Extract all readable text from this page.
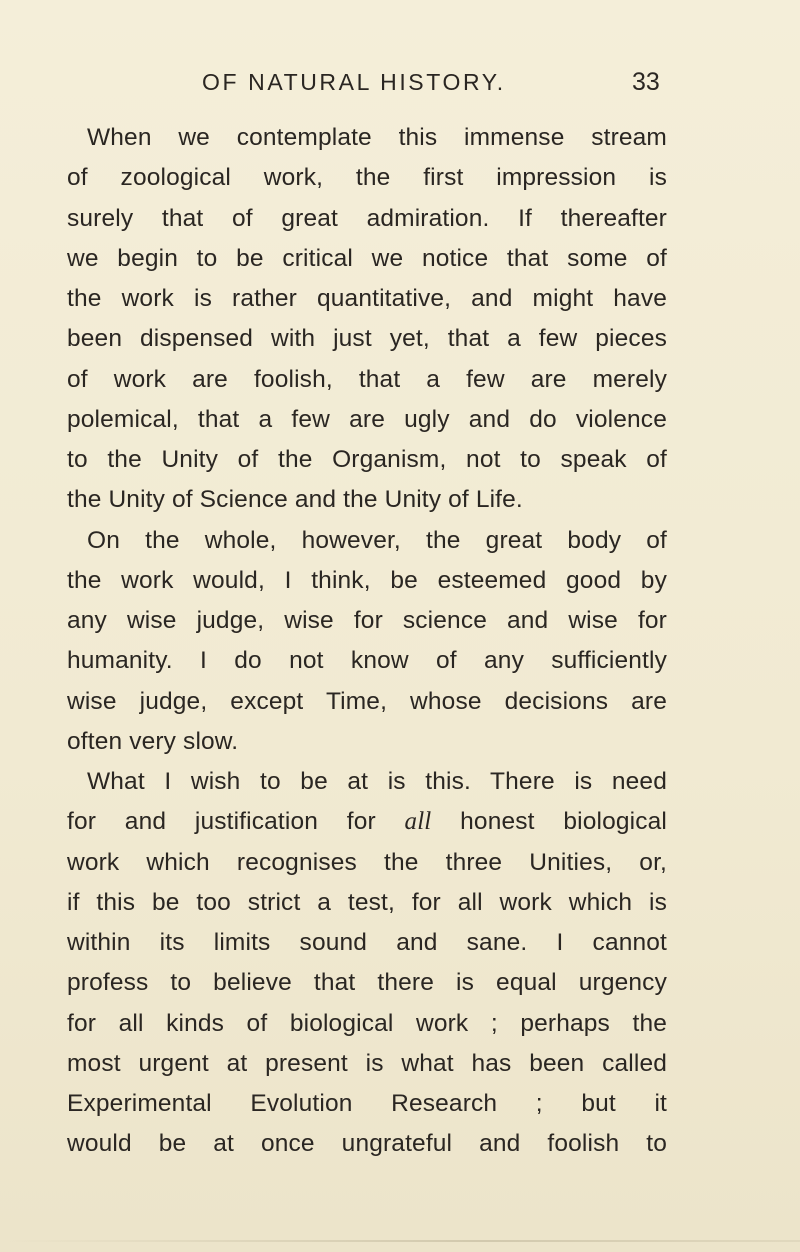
OF NATURAL HISTORY.	33
When we contemplate this immense stream
of zoological work, the first impression is
surely that of great admiration. If thereafter
we begin to be critical we notice that some of
the work is rather quantitative, and might have
been dispensed with just yet, that a few pieces
of work are foolish, that a few are merely
polemical, that a few are ugly and do violence
to the Unity of the Organism, not to speak of
the Unity of Science and the Unity of Life.
On the whole, however, the great body of
the work would, I think, be esteemed good by
any wise judge, wise for science and wise for
humanity. I do not know of any sufficiently
wise judge, except Time, whose decisions are
often very slow.
What I wish to be at is this. There is need
for and justification for all honest biological
work which recognises the three Unities, or,
if this be too strict a test, for all work which is
within its limits sound and sane. I cannot
profess to believe that there is equal urgency
for all kinds of biological work ; perhaps the
most urgent at present is what has been called
Experimental Evolution Research ; but it
would be at once ungrateful and foolish to
